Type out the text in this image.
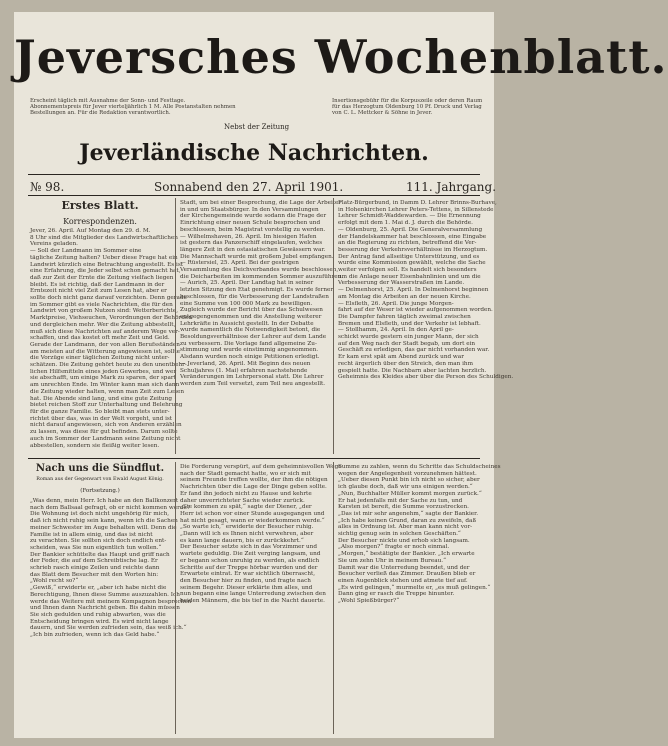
Jeversches Wochenblatt.
Erscheint täglich mit Ausnahme der Sonn- und Festtage.
Abonnementspreis für Jever vierteljährlich 1 M. Alle Postanstalten nehmen
Bestellungen an. Für die Redaktion verantwortlich.
Nebst der Zeitung
Insertionsgebühr für die Korpuszeile oder deren Raum
für das Herzogtum Oldenburg 10 Pf. Druck und Verlag
von C. L. Mettcker & Söhne in Jever.
Jeverländische Nachrichten.
№ 98.	Sonnabend den 27. April 1901.	111. Jahrgang.
Erstes Blatt.
Korrespondenzen.

Jever, 26. April. Auf Montag den 29. d. M.

8 Uhr sind die Mitglieder des Landwirtschaftlichen

Vereins geladen.

— Soll der Landmann im Sommer eine

tägliche Zeitung halten? Ueber diese Frage hat ein

Landwirt kürzlich eine Betrachtung angestellt. Es ist

eine Erfahrung, die Jeder selbst schon gemacht hat,

daß zur Zeit der Ernte die Zeitung vielfach liegen

bleibt. Es ist richtig, daß der Landmann in der

Erntezeit nicht viel Zeit zum Lesen hat, aber er

sollte doch nicht ganz darauf verzichten. Denn gerade

im Sommer gibt es viele Nachrichten, die für den

Landwirt von großem Nutzen sind: Wetterberichte,

Marktpreise, Viehseuchen, Verordnungen der Behörden

und dergleichen mehr. Wer die Zeitung abbestellt,

muß sich diese Nachrichten auf anderem Wege ver-

schaffen, und das kostet oft mehr Zeit und Geld.

Gerade der Landmann, der von allen Berufsständen

am meisten auf die Witterung angewiesen ist, sollte

die Vorzüge einer täglichen Zeitung nicht unter-

schätzen. Die Zeitung gehört heute zu den unentbehr-

lichen Hilfsmitteln eines jeden Gewerbes, und wer

sie abschafft, um einige Mark zu sparen, der spart

am unrechten Ende. Im Winter kann man sich dann

die Zeitung wieder halten, wenn man Zeit zum Lesen

hat. Die Abende sind lang, und eine gute Zeitung

bietet reichen Stoff zur Unterhaltung und Belehrung

für die ganze Familie. So bleibt man stets unter-

richtet über das, was in der Welt vorgeht, und ist

nicht darauf angewiesen, sich von Anderen erzählen

zu lassen, was diese für gut befinden. Darum sollte

auch im Sommer der Landmann seine Zeitung nicht

abbestellen, sondern sie fleißig weiter lesen.

Stadt, um bei einer Besprechung, die Lage der Arbeiter

in und um Staatsbürger. In den Versammlungen

der Kirchengemeinde wurde sodann die Frage der

Einrichtung einer neuen Schule besprochen und

beschlossen, beim Magistrat vorstellig zu werden.

— Wilhelmshaven, 26. April. Im hiesigen Hafen

ist gestern das Panzerschiff eingelaufen, welches

längere Zeit in den ostasiatischen Gewässern war.

Die Mannschaft wurde mit großem Jubel empfangen.

— Rüstersiel, 25. April. Bei der gestrigen

Versammlung des Deichverbandes wurde beschlossen,

die Deicharbeiten im kommenden Sommer auszuführen.

— Aurich, 25. April. Der Landtag hat in seiner

letzten Sitzung den Etat genehmigt. Es wurde ferner

beschlossen, für die Verbesserung der Landstraßen

eine Summe von 100 000 Mark zu bewilligen.

Zugleich wurde der Bericht über das Schulwesen

entgegengenommen und die Anstellung weiterer

Lehrkräfte in Aussicht gestellt. In der Debatte

wurde namentlich die Notwendigkeit betont, die

Besoldungsverhältnisse der Lehrer auf dem Lande

zu verbessern. Die Vorlage fand allgemeine Zu-

stimmung und wurde einstimmig angenommen.

Alsdann wurden noch einige Petitionen erledigt.

— Jeverland, 26. April. Mit Beginn des neuen

Schuljahres (1. Mai) erfahren nachstehende

Veränderungen im Lehrpersonal statt. Die Lehrer

werden zum Teil versetzt, zum Teil neu angestellt.

Platz-Bürgerbund, in Damm D. Lehrer Brinns-Burhave,

in Hohenkirchen Lehrer Peters-Tettens, in Sillenstede

Lehrer Schmidt-Waddewarden. — Die Ernennung

erfolgt mit dem 1. Mai d. J. durch die Behörde.

— Oldenburg, 25. April. Die Generalversammlung

der Handelskammer hat beschlossen, eine Eingabe

an die Regierung zu richten, betreffend die Ver-

besserung der Verkehrsverhältnisse im Herzogtum.

Der Antrag fand allseitige Unterstützung, und es

wurde eine Kommission gewählt, welche die Sache

weiter verfolgen soll. Es handelt sich besonders

um die Anlage neuer Eisenbahnlinien und um die

Verbesserung der Wasserstraßen im Lande.

— Delmenhorst, 25. April. In Delmenhorst beginnen

am Montag die Arbeiten an der neuen Kirche.

— Elsfleth, 26. April. Die junge Morgen-

fahrt auf der Weser ist wieder aufgenommen worden.

Die Dampfer fahren täglich zweimal zwischen

Bremen und Elsfleth, und der Verkehr ist lebhaft.

— Stollhamm, 24. April. In den April ge-

schickt wurde gestern ein junger Mann, der sich

auf den Weg nach der Stadt begab, um dort ein

Geschäft zu erledigen, das gar nicht vorhanden war.

Er kam erst spät am Abend zurück und war

recht ärgerlich über den Streich, den man ihm

gespielt hatte. Die Nachbarn aber lachten herzlich.

Geheimnis des Kleides aber über die Person des Schuldigen.

Nach uns die Sündflut.
Roman aus der Gegenwart von Ewald August König.
(Fortsetzung.)

„Was denn, mein Herr. Ich habe an den Ballkonzert

nach dem Ballsaal gefragt, ob er nicht kommen werde?

Die Wohnung ist doch nicht ungehörig für mich,

daß ich nicht ruhig sein kann, wenn ich die Sachen

meiner Schwester im Auge behalten will. Denn die

Familie ist in allem einig, und das ist nicht

zu verachten. Sie sollten sich doch endlich ent-

scheiden, was Sie nun eigentlich tun wollen.“

Der Bankier schüttelte das Haupt und griff nach

der Feder, die auf dem Schreibtische lag. Er

schrieb rasch einige Zeilen und reichte dann

das Blatt dem Besucher mit den Worten hin:

„Wohl recht so?“

„Gewiß,“ erwiderte er, „aber ich habe nicht die

Berechtigung, Ihnen diese Summe auszuzahlen. Ich

werde das Weitere mit meinem Kompagnon besprechen

und Ihnen dann Nachricht geben. Bis dahin müssen

Sie sich gedulden und ruhig abwarten, was die

Entscheidung bringen wird. Es wird nicht lange

dauern, und Sie werden zufrieden sein, das weiß ich.“

„Ich bin zufrieden, wenn ich das Geld habe.“

Die Forderung verspürt, auf dem geheimnisvollen Wege

nach der Stadt gemacht hatte, wo er sich mit

seinem Freunde treffen wollte, der ihm die nötigen

Nachrichten über die Lage der Dinge geben sollte.

Er fand ihn jedoch nicht zu Hause und kehrte

daher unverrichteter Sache wieder zurück.

„Sie kommen zu spät,“ sagte der Diener, „der

Herr ist schon vor einer Stunde ausgegangen und

hat nicht gesagt, wann er wiederkommen werde.“

„So warte ich,“ erwiderte der Besucher ruhig.

„Dann will ich es Ihnen nicht verwehren, aber

es kann lange dauern, bis er zurückkehrt.“

Der Besucher setzte sich in das Vorzimmer und

wartete geduldig. Die Zeit verging langsam, und

er begann schon unruhig zu werden, als endlich

Schritte auf der Treppe hörbar wurden und der

Erwartete eintrat. Er war sichtlich überrascht,

den Besucher hier zu finden, und fragte nach

seinem Begehr. Dieser erklärte ihm alles, und

nun begann eine lange Unterredung zwischen den

beiden Männern, die bis tief in die Nacht dauerte.

Summe zu zahlen, wenn du Schritte das Schuldscheines

wegen der Angelegenheit vorzunehmen hättest.

„Ueber diesen Punkt bin ich nicht so sicher, aber

ich glaube doch, daß wir uns einigen werden.“

„Nun, Buchhalter Müller kommt morgen zurück.“

Er hat jedenfalls mit der Sache zu tun, und

Karsten ist bereit, die Summe vorzustrecken.

„Das ist mir sehr angenehm,“ sagte der Bankier.

„Ich habe keinen Grund, daran zu zweifeln, daß

alles in Ordnung ist. Aber man kann nicht vor-

sichtig genug sein in solchen Geschäften.“

Der Besucher nickte und erhob sich langsam.

„Also morgen?“ fragte er noch einmal.

„Morgen,“ bestätigte der Bankier. „Ich erwarte

Sie um zehn Uhr in meinem Bureau.“

Damit war die Unterredung beendet, und der

Besucher verließ das Zimmer. Draußen blieb er

einen Augenblick stehen und atmete tief auf.

„Es wird gelingen,“ murmelte er, „es muß gelingen.“

Dann ging er rasch die Treppe hinunter.

„Wohl Spießbürger?“
